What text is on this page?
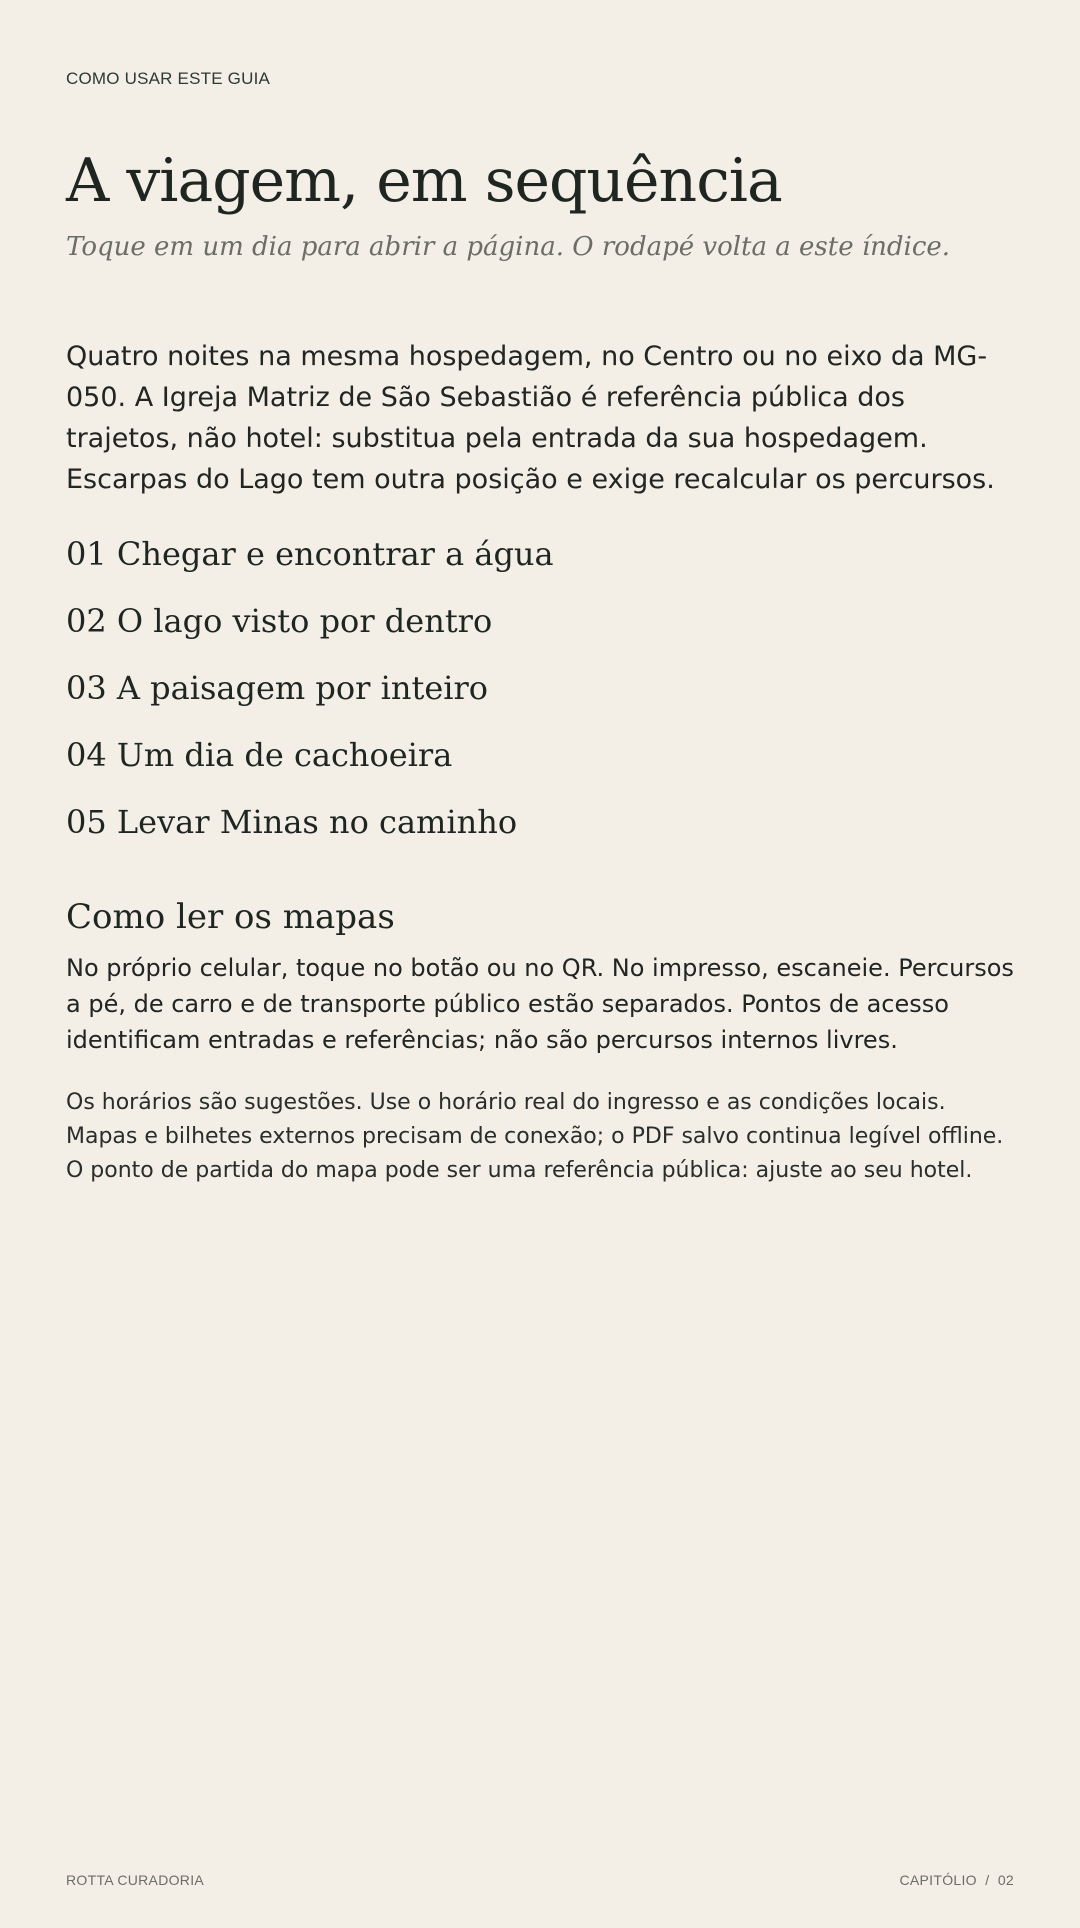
COMO USAR ESTE GUIA
A viagem, em sequência
Toque em um dia para abrir a página. O rodapé volta a este índice.

Quatro noites na mesma hospedagem, no Centro ou no eixo da MG-050. A Igreja Matriz de São Sebastião é referência pública dos trajetos, não hotel: substitua pela entrada da sua hospedagem. Escarpas do Lago tem outra posição e exige recalcular os percursos.

01 Chegar e encontrar a água
02 O lago visto por dentro
03 A paisagem por inteiro
04 Um dia de cachoeira
05 Levar Minas no caminho
Como ler os mapas

No próprio celular, toque no botão ou no QR. No impresso, escaneie. Percursos a pé, de carro e de transporte público estão separados. Pontos de acesso identificam entradas e referências; não são percursos internos livres.

Os horários são sugestões. Use o horário real do ingresso e as condições locais. Mapas e bilhetes externos precisam de conexão; o PDF salvo continua legível offline. O ponto de partida do mapa pode ser uma referência pública: ajuste ao seu hotel.

ROTTA CURADORIA	CAPITÓLIO  /  02
